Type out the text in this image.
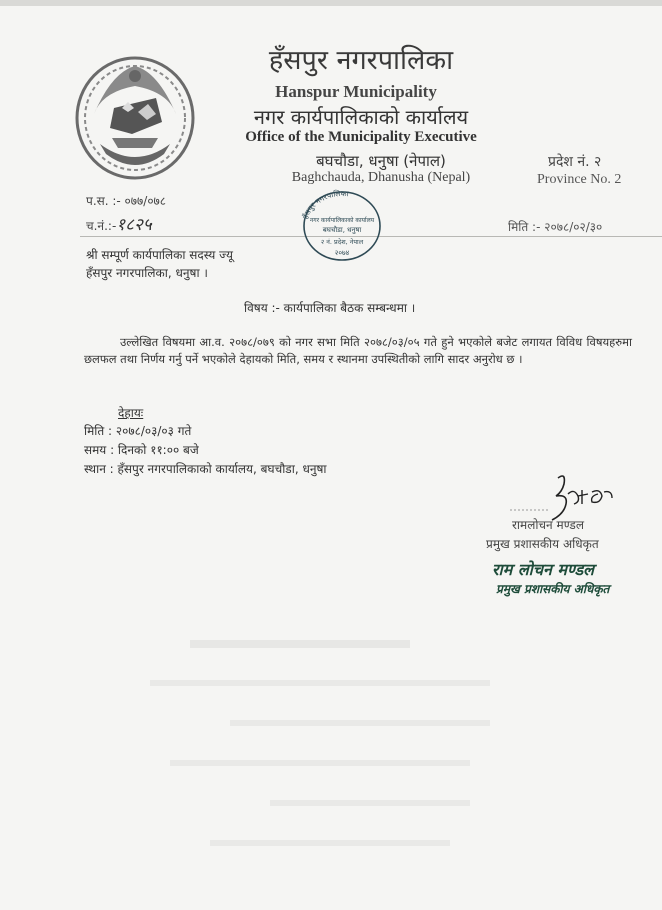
हँसपुर नगरपालिका
Hanspur Municipality
नगर कार्यपालिकाको कार्यालय
Office of the Municipality Executive
बघचौडा, धनुषा (नेपाल)
Baghchauda, Dhanusha (Nepal)
प्रदेश नं. २
Province No. 2
प.स. :- ०७७/०७८
च.नं.:-१८२५	मिति :- २०७८/०२/३०
हँसपुर नगरपालिका
नगर कार्यपालिकाको कार्यालय
बघचौडा, धनुषा
२ नं. प्रदेश, नेपाल
२०७४
श्री सम्पूर्ण कार्यपालिका सदस्य ज्यू
हँसपुर नगरपालिका, धनुषा ।
विषय :- कार्यपालिका बैठक सम्बन्धमा ।
उल्लेखित विषयमा आ.व. २०७८/०७९ को नगर सभा मिति २०७८/०३/०५ गते हुने भएकोले बजेट लगायत विविध विषयहरुमा छलफल तथा निर्णय गर्नु पर्ने भएकोले देहायको मिति, समय र स्थानमा उपस्थितीको लागि सादर अनुरोध छ ।
देहायः
मिति : २०७८/०३/०३ गते
समय : दिनको ११:०० बजे
स्थान : हँसपुर नगरपालिकाको कार्यालय, बघचौडा, धनुषा
रामलोचन मण्डल
प्रमुख प्रशासकीय अधिकृत
राम लोचन मण्डल
प्रमुख प्रशासकीय अधिकृत
